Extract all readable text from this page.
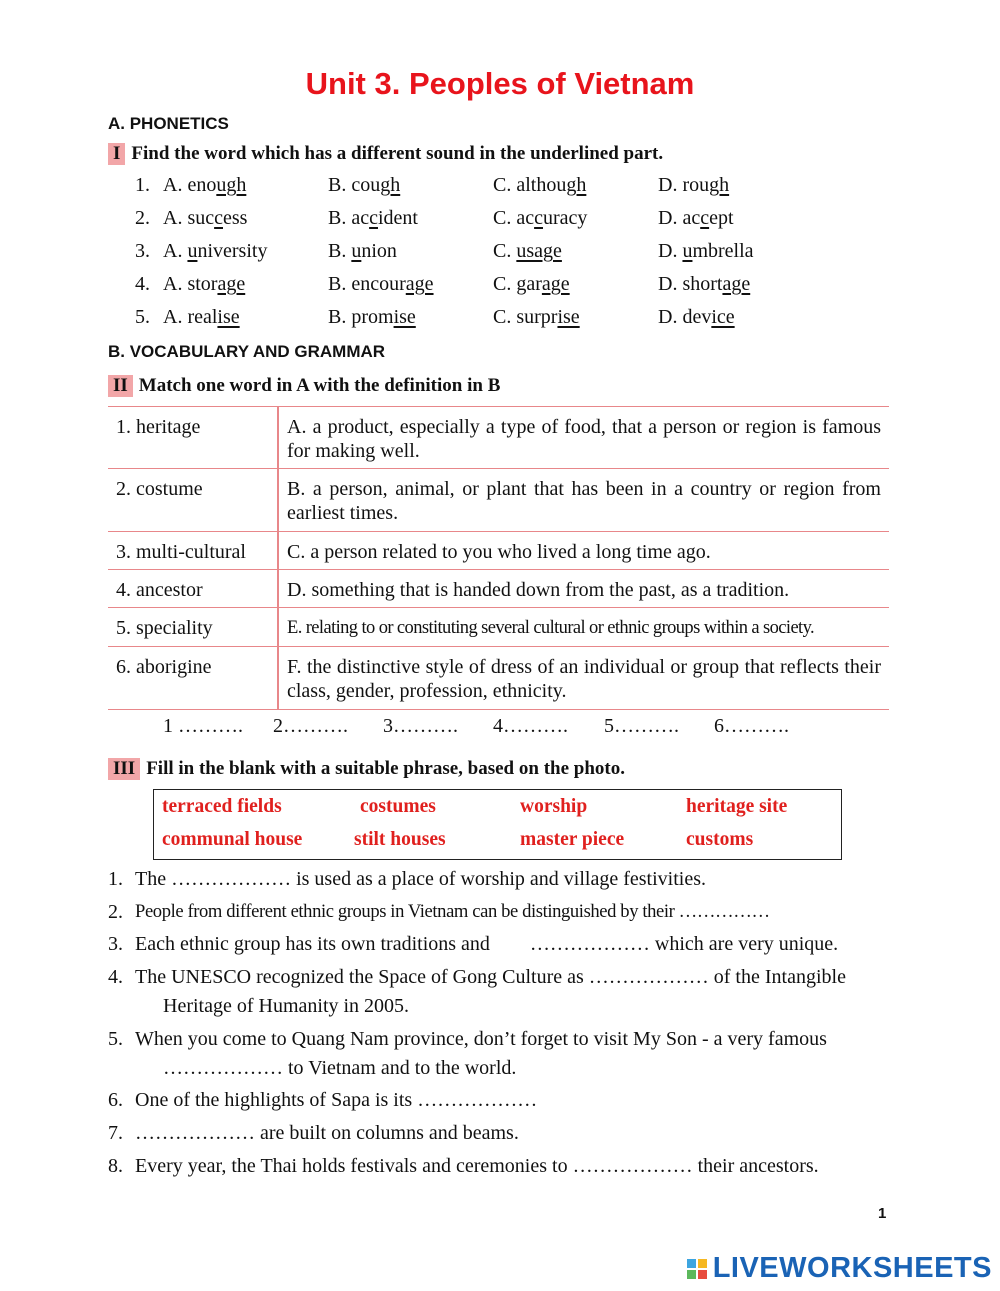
Unit 3. Peoples of Vietnam
A. PHONETICS
I Find the word which has a different sound in the underlined part.
1. A. enough	B. cough	C. although	D. rough
2. A. success	B. accident	C. accuracy	D. accept
3. A. university	B. union	C. usage	D. umbrella
4. A. storage	B. encourage	C. garage	D. shortage
5. A. realise	B. promise	C. surprise	D. device
B. VOCABULARY AND GRAMMAR
II Match one word in A with the definition in B
1. heritage	A. a product, especially a type of food, that a person or region is famous for making well.
2. costume	B. a person, animal, or plant that has been in a country or region from earliest times.
3. multi-cultural	C. a person related to you who lived a long time ago.
4. ancestor	D. something that is handed down from the past, as a tradition.
5. speciality	E. relating to or constituting several cultural or ethnic groups within a society.
6. aborigine	F. the distinctive style of dress of an individual or group that reflects their class, gender, profession, ethnicity.
1 ………. 2………. 3………. 4………. 5………. 6……….
III Fill in the blank with a suitable phrase, based on the photo.
terraced fields	costumes	worship	heritage site
communal house	stilt houses	master piece	customs
1. The ……………… is used as a place of worship and village festivities.
2. People from different ethnic groups in Vietnam can be distinguished by their ……………
3. Each ethnic group has its own traditions and        ……………… which are very unique.
4. The UNESCO recognized the Space of Gong Culture as ……………… of the Intangible
Heritage of Humanity in 2005.
5. When you come to Quang Nam province, don’t forget to visit My Son - a very famous
……………… to Vietnam and to the world.
6. One of the highlights of Sapa is its ………………
7. ……………… are built on columns and beams.
8. Every year, the Thai holds festivals and ceremonies to ……………… their ancestors.
1
LIVEWORKSHEETS
